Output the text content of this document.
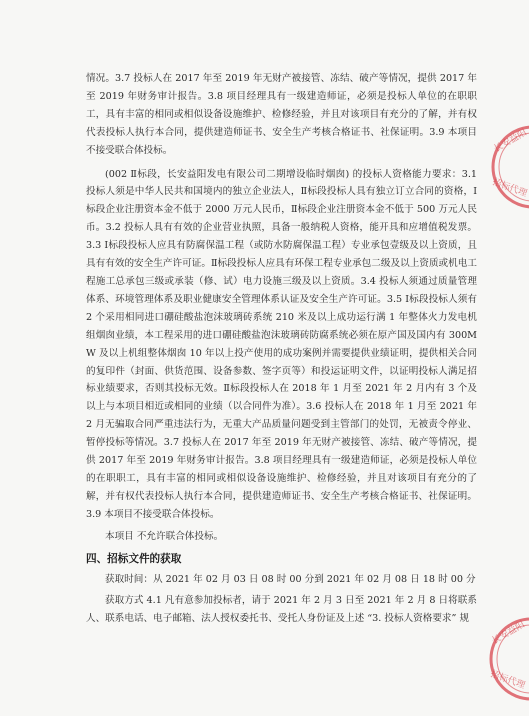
情况。3.7 投标人在 2017 年至 2019 年无财产被接管、冻结、破产等情况，提供 2017 年至 2019 年财务审计报告。3.8 项目经理具有一级建造师证，必须是投标人单位的在职职工，具有丰富的相同或相似设备设施维护、检修经验，并且对该项目有充分的了解，并有权代表投标人执行本合同，提供建造师证书、安全生产考核合格证书、社保证明。3.9 本项目不接受联合体投标。

(002 Ⅱ标段，长安益阳发电有限公司二期增设临时烟囱) 的投标人资格能力要求：3.1 投标人须是中华人民共和国境内的独立企业法人，Ⅱ标段投标人具有独立订立合同的资格，Ⅰ标段企业注册资本金不低于 2000 万元人民币，Ⅱ标段企业注册资本金不低于 500 万元人民币。3.2 投标人具有有效的企业营业执照，具备一般纳税人资格，能开具和应增值税发票。3.3 Ⅰ标段投标人应具有防腐保温工程（或防水防腐保温工程）专业承包壹级及以上资质，且具有有效的安全生产许可证。Ⅱ标段投标人应具有环保工程专业承包二级及以上资质或机电工程施工总承包三级或承装（修、试）电力设施三级及以上资质。3.4 投标人须通过质量管理体系、环境管理体系及职业健康安全管理体系认证及安全生产许可证。3.5 Ⅰ标段投标人须有 2 个采用相同进口硼硅酸盐泡沫玻璃砖系统 210 米及以上成功运行满 1 年整体火力发电机组烟囱业绩，本工程采用的进口硼硅酸盐泡沫玻璃砖防腐系统必须在原产国及国内有 300MW 及以上机组整体烟囱 10 年以上投产使用的成功案例并需要提供业绩证明，提供相关合同的复印件（封面、供货范围、设备参数、签字页等）和投运证明文件，以证明投标人满足招标业绩要求，否则其投标无效。Ⅱ标段投标人在 2018 年 1 月至 2021 年 2 月内有 3 个及以上与本项目相近或相同的业绩（以合同件为准）。3.6 投标人在 2018 年 1 月至 2021 年 2 月无骗取合同严重违法行为，无重大产品质量问题受到主管部门的处罚，无被责令停业、暂停投标等情况。3.7 投标人在 2017 年至 2019 年无财产被接管、冻结、破产等情况，提供 2017 年至 2019 年财务审计报告。3.8 项目经理具有一级建造师证，必须是投标人单位的在职职工，具有丰富的相同或相似设备设施维护、检修经验，并且对该项目有充分的了解，并有权代表投标人执行本合同，提供建造师证书、安全生产考核合格证书、社保证明。3.9 本项目不接受联合体投标。

本项目 不允许联合体投标。

四、招标文件的获取

获取时间：从 2021 年 02 月 03 日 08 时 00 分到 2021 年 02 月 08 日 18 时 00 分

获取方式 4.1 凡有意参加投标者，请于 2021 年 2 月 3 日至 2021 年 2 月 8 日将联系人、联系电话、电子邮箱、法人授权委托书、受托人身份证及上述 “3. 投标人资格要求” 规

长安益阳
招标代理
长安益阳
招标代理
